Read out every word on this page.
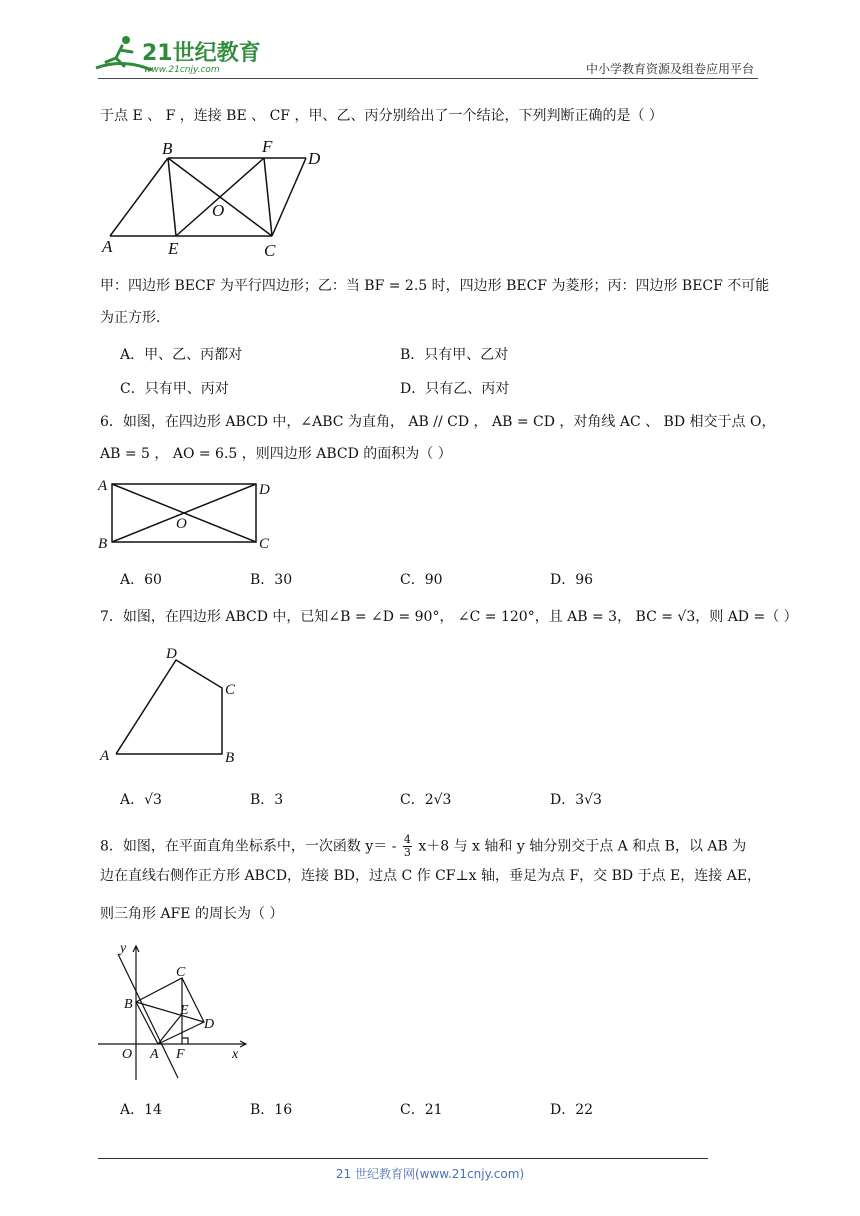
21世纪教育
www.21cnjy.com	中小学教育资源及组卷应用平台
于点 E 、 F ，连接 BE 、 CF ，甲、乙、丙分别给出了一个结论，下列判断正确的是（ ）
A
B	F
D
O
E	C
甲：四边形 BECF 为平行四边形；乙：当 BF = 2.5 时，四边形 BECF 为菱形；丙：四边形 BECF 不可能
为正方形．
A．甲、乙、丙都对	B．只有甲、乙对
C．只有甲、丙对	D．只有乙、丙对
6．如图，在四边形 ABCD 中，∠ABC 为直角， AB // CD ， AB = CD ，对角线 AC 、 BD 相交于点 O，
AB = 5 ， AO = 6.5 ，则四边形 ABCD 的面积为（ ）
A
B
D
C
O
A．60	B．30	C．90	D．96
7．如图，在四边形 ABCD 中，已知∠B = ∠D = 90°， ∠C = 120°，且 AB = 3， BC = √3，则 AD =（ ）
D
C
A	B
A．√3	B．3	C．2√3	D．3√3
8．如图，在平面直角坐标系中，一次函数 $y= - \frac{4}{3} x+8$ 与 x 轴和 y 轴分别交于点 A 和点 B，以 AB 为
边在直线右侧作正方形 ABCD，连接 BD，过点 C 作 CF⊥x 轴，垂足为点 F，交 BD 于点 E，连接 AE，
则三角形 AFE 的周长为（ ）
y
x
O A
B
C
D
E
F
A．14	B．16	C．21	D．22
21 世纪教育网(www.21cnjy.com)
